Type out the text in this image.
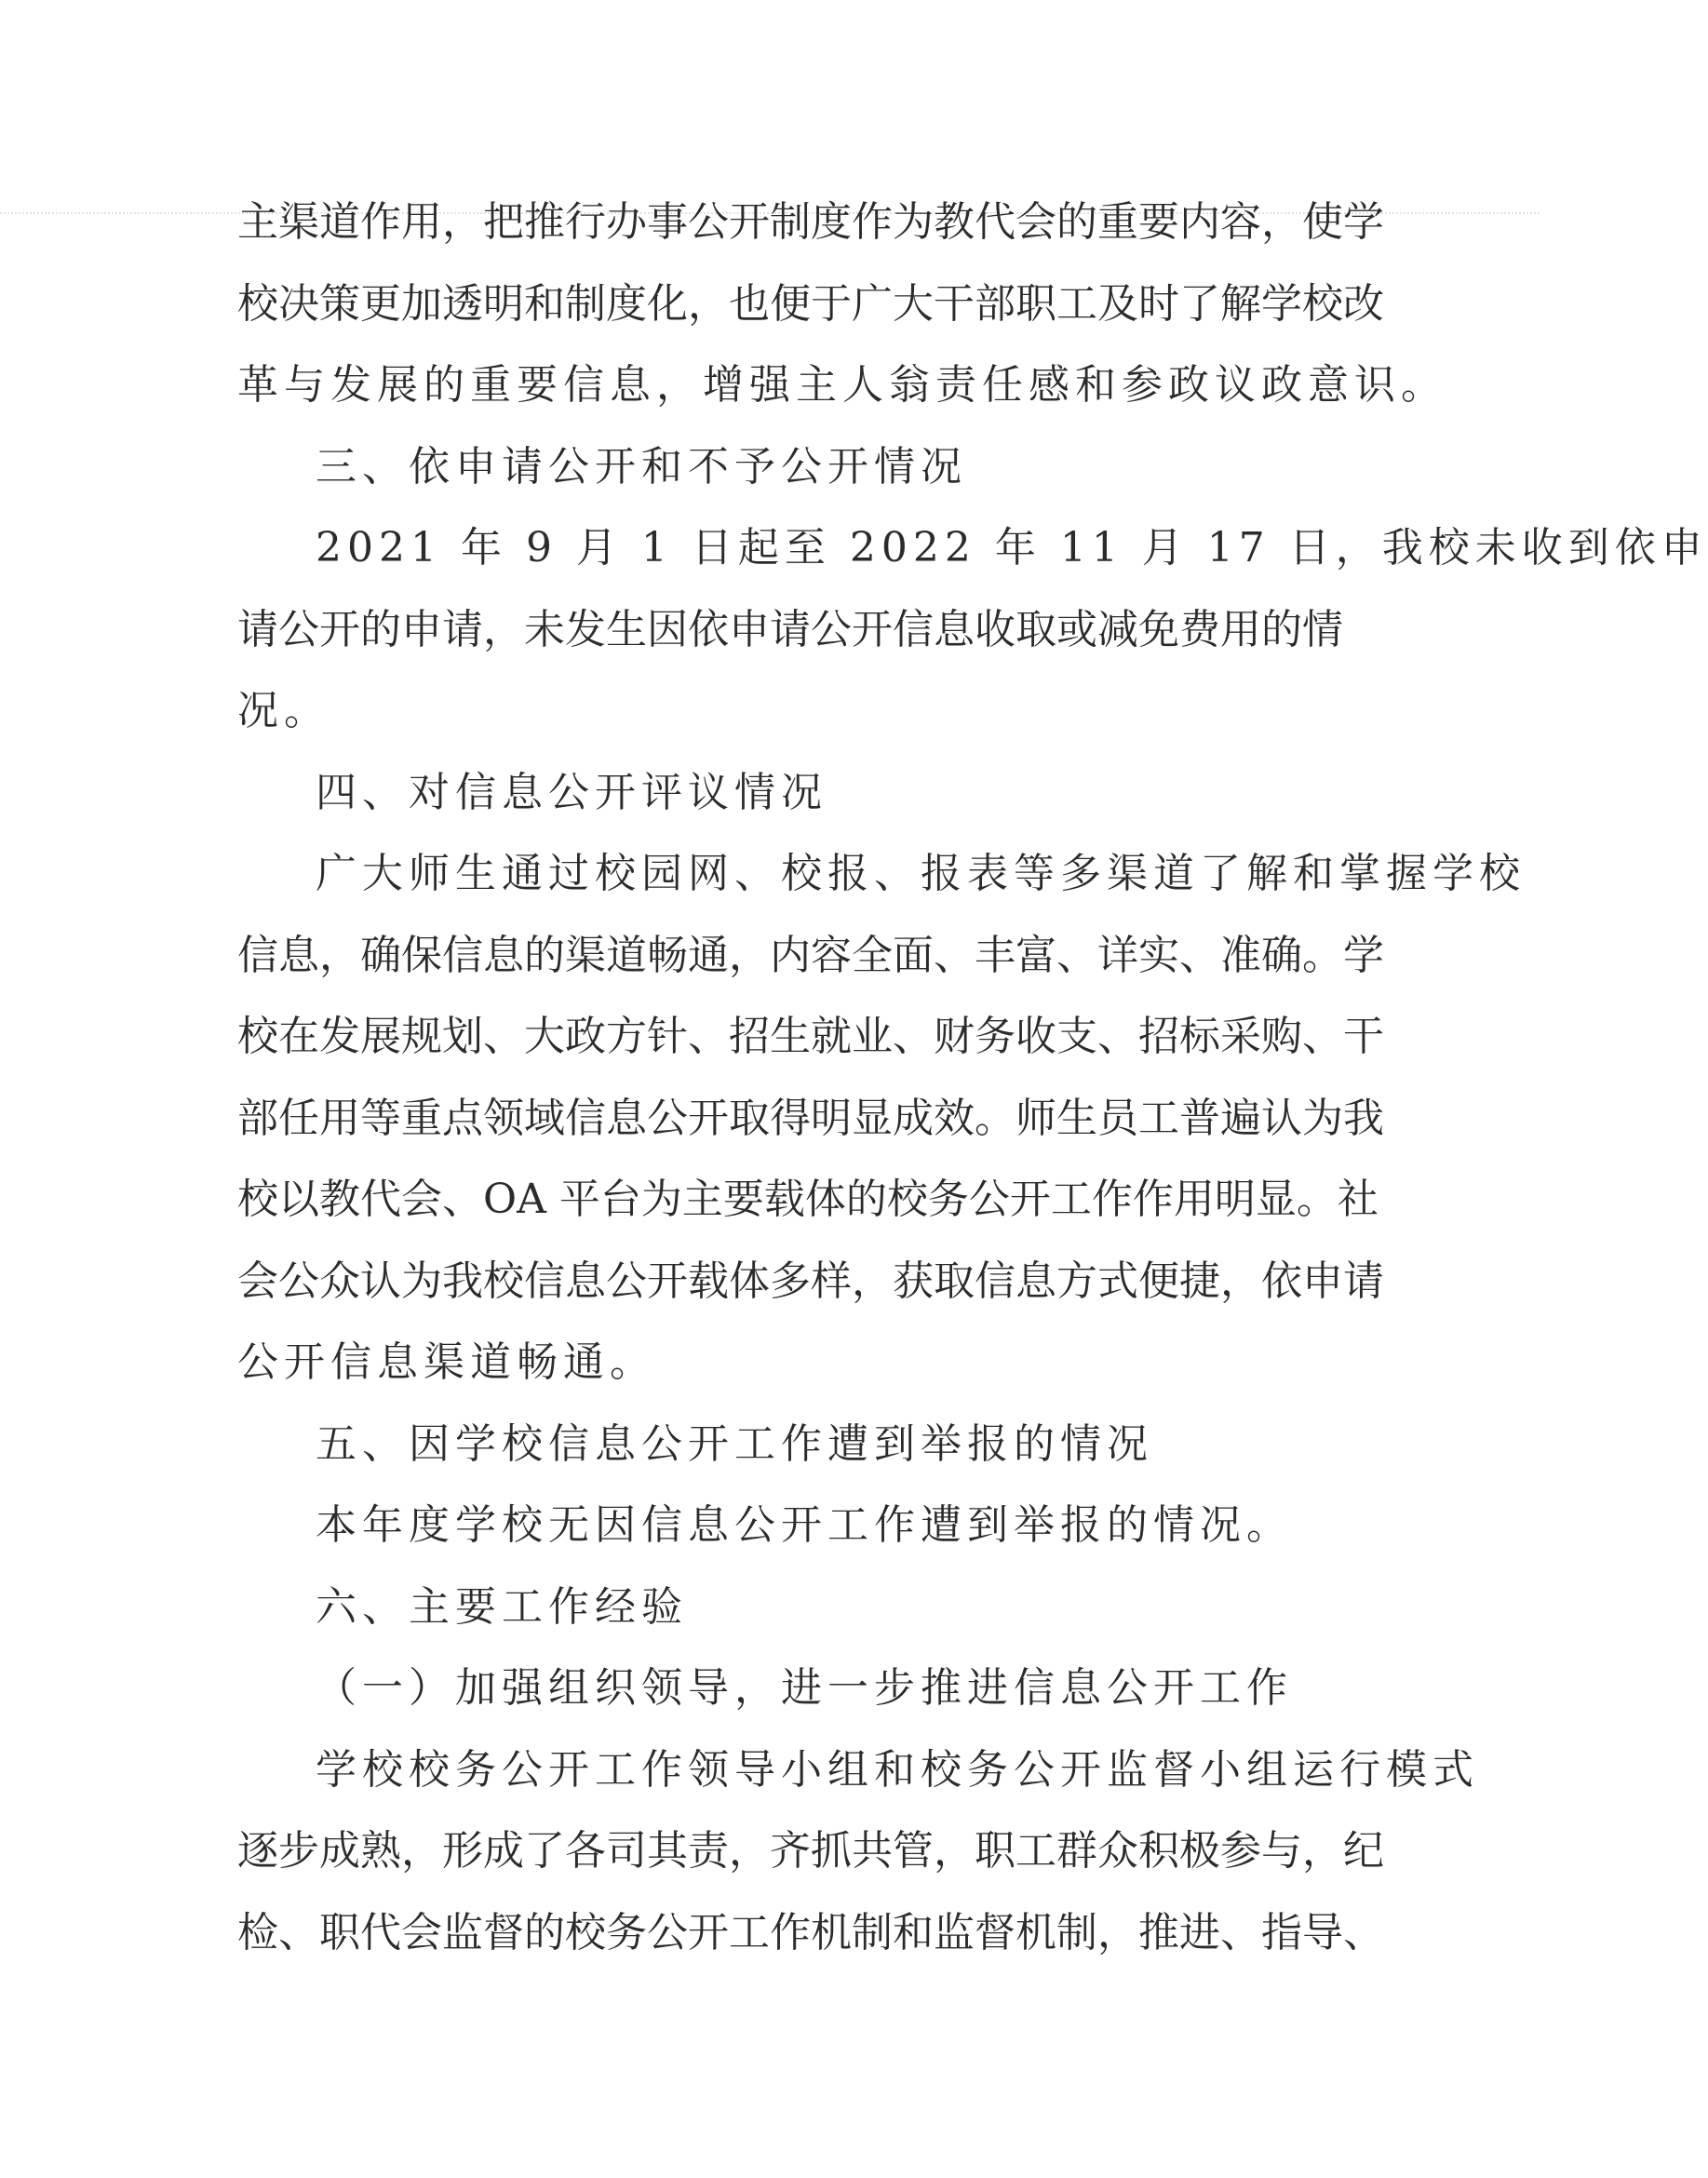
主渠道作用，把推行办事公开制度作为教代会的重要内容，使学
校决策更加透明和制度化，也便于广大干部职工及时了解学校改
革与发展的重要信息，增强主人翁责任感和参政议政意识。
三、依申请公开和不予公开情况
2021 年 9 月 1 日起至 2022 年 11 月 17 日，我校未收到依申
请公开的申请，未发生因依申请公开信息收取或减免费用的情
况。
四、对信息公开评议情况
广大师生通过校园网、校报、报表等多渠道了解和掌握学校
信息，确保信息的渠道畅通，内容全面、丰富、详实、准确。学
校在发展规划、大政方针、招生就业、财务收支、招标采购、干
部任用等重点领域信息公开取得明显成效。师生员工普遍认为我
校以教代会、OA 平台为主要载体的校务公开工作作用明显。社
会公众认为我校信息公开载体多样，获取信息方式便捷，依申请
公开信息渠道畅通。
五、因学校信息公开工作遭到举报的情况
本年度学校无因信息公开工作遭到举报的情况。
六、主要工作经验
（一）加强组织领导，进一步推进信息公开工作
学校校务公开工作领导小组和校务公开监督小组运行模式
逐步成熟，形成了各司其责，齐抓共管，职工群众积极参与，纪
检、职代会监督的校务公开工作机制和监督机制，推进、指导、
